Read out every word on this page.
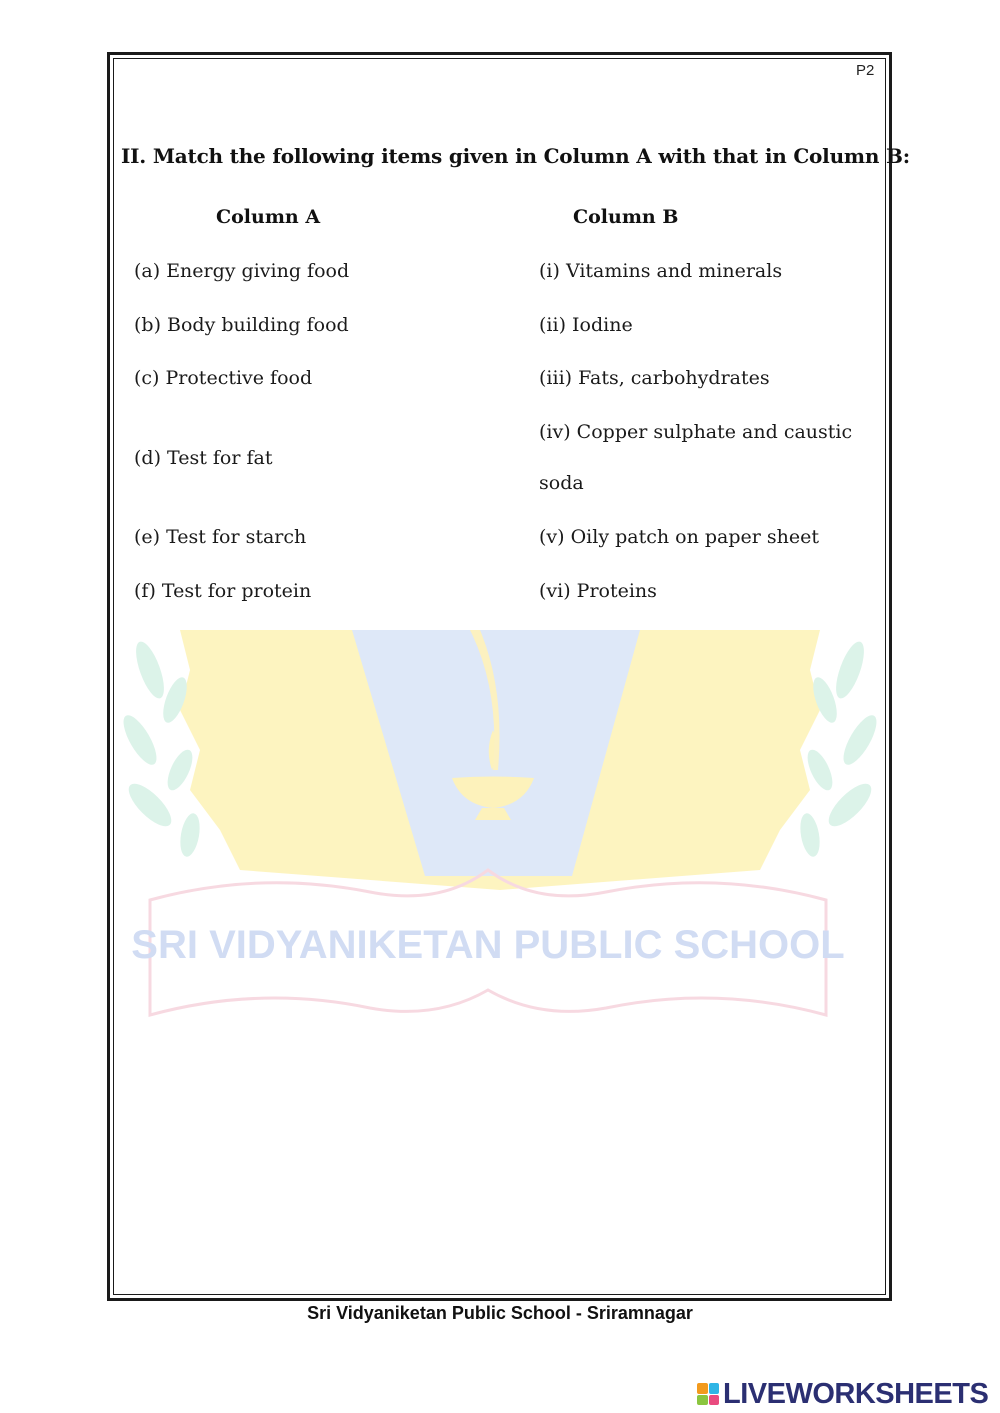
P2
II. Match the following items given in Column A with that in Column B:
Column A	Column B
(a) Energy giving food
(b) Body building food
(c) Protective food
(d) Test for fat
(e) Test for starch
(f) Test for protein
(i) Vitamins and minerals
(ii) Iodine
(iii) Fats, carbohydrates
(iv) Copper sulphate and caustic
soda
(v) Oily patch on paper sheet
(vi) Proteins
SRI VIDYANIKETAN PUBLIC SCHOOL
Sri Vidyaniketan Public School - Sriramnagar
LIVEWORKSHEETS
